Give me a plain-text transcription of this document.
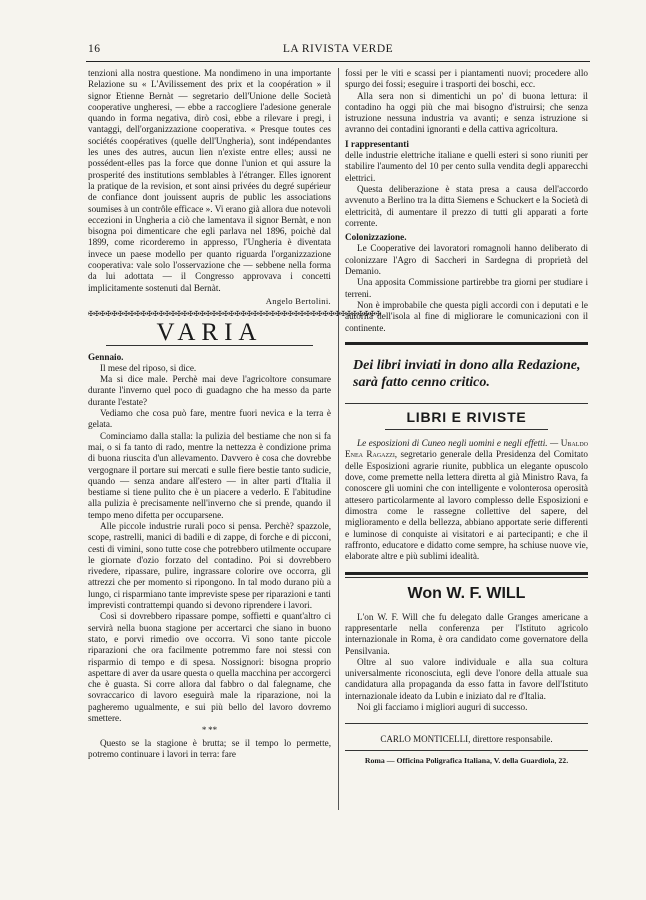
16	LA RIVISTA VERDE

tenzioni alla nostra questione. Ma nondimeno in una importante Relazione su « L'Avilissement des prix et la coopération » il signor Etienne Bernàt — segretario dell'Unione delle Società cooperative ungheresi, — ebbe a raccogliere l'adesione generale quando in forma negativa, dirò così, ebbe a rilevare i pregi, i vantaggi, dell'organizzazione cooperativa. « Presque toutes ces sociétés coopératives (quelle dell'Ungheria), sont indépendantes les unes des autres, aucun lien n'existe entre elles; aussi ne possédent-elles pas la force que donne l'union et qui assure la prosperité des institutions semblables à l'étranger. Elles ignorent la pratique de la revision, et sont ainsi privées du degré supérieur de confiance dont jouissent aupris de public les associations soumises à un contrôle efficace ». Vi erano già allora due notevoli eccezioni in Ungheria a ciò che lamentava il signor Bernàt, e non bisogna poi dimenticare che egli parlava nel 1896, poichè dal 1899, come ricorderemo in appresso, l'Ungheria è diventata invece un paese modello per quanto riguarda l'organizzazione cooperativa: vale solo l'osservazione che — sebbene nella forma da lui adottata — il Congresso approvava i concetti implicitamente sostenuti dal Bernàt.

Angelo Bertolini.

✠✠✠✠✠✠✠✠✠✠✠✠✠✠✠✠✠✠✠✠✠✠✠✠✠✠✠✠✠✠✠✠✠✠✠✠✠✠✠✠✠✠✠✠✠✠✠✠✠✠

VARIA

Gennaio.

Il mese del riposo, si dice.

Ma si dice male. Perchè mai deve l'agricoltore consumare durante l'inverno quel poco di guadagno che ha messo da parte durante l'estate?

Vediamo che cosa può fare, mentre fuori nevica e la terra è gelata.

Cominciamo dalla stalla: la pulizia del bestiame che non si fa mai, o si fa tanto di rado, mentre la nettezza è condizione prima di buona riuscita d'un allevamento. Davvero è cosa che dovrebbe vergognare il portare sui mercati e sulle fiere bestie tanto sudicie, quando — senza andare all'estero — in alter parti d'Italia il bestiame si tiene pulito che è un piacere a vederlo. E l'abitudine alla pulizia è precisamente nell'inverno che si prende, quando il tempo meno difetta per occuparsene.

Alle piccole industrie rurali poco si pensa. Perchè? spazzole, scope, rastrelli, manici di badili e di zappe, di forche e di picconi, cesti di vimini, sono tutte cose che potrebbero utilmente occupare le giornate d'ozio forzato del contadino. Poi si dovrebbero rivedere, ripassare, pulire, ingrassare colorire ove occorra, gli attrezzi che per momento si ripongono. In tal modo durano più a lungo, ci risparmiano tante impreviste spese per riparazioni e tanti imprevisti contrattempi quando si devono riprendere i lavori.

Così si dovrebbero ripassare pompe, soffietti e quant'altro ci servirà nella buona stagione per accertarci che siano in buono stato, e porvi rimedio ove occorra. Vi sono tante piccole riparazioni che ora facilmente potremmo fare noi stessi con risparmio di tempo e di spesa. Nossignori: bisogna proprio aspettare di aver da usare questa o quella macchina per accorgerci che è guasta. Si corre allora dal fabbro o dal falegname, che sovraccarico di lavoro eseguirà male la riparazione, noi la pagheremo ugualmente, e sui più bello del lavoro dovremo smettere.

* **

Questo se la stagione è brutta; se il tempo lo permette, potremo continuare i lavori in terra: fare

fossi per le viti e scassi per i piantamenti nuovi; procedere allo spurgo dei fossi; eseguire i trasporti dei boschi, ecc.

Alla sera non si dimentichi un po' di buona lettura: il contadino ha oggi più che mai bisogno d'istruirsi; che senza istruzione nessuna industria va avanti; e senza istruzione si avranno dei contadini ignoranti e della cattiva agricoltura.

I rappresentanti

delle industrie elettriche italiane e quelli esteri si sono riuniti per stabilire l'aumento del 10 per cento sulla vendita degli apparecchi elettrici.

Questa deliberazione è stata presa a causa dell'accordo avvenuto a Berlino tra la ditta Siemens e Schuckert e la Società di elettricità, di aumentare il prezzo di tutti gli apparati a forte corrente.

Colonizzazione.

Le Cooperative dei lavoratori romagnoli hanno deliberato di colonizzare l'Agro di Saccheri in Sardegna di proprietà del Demanio.

Una apposita Commissione partirebbe tra giorni per studiare i terreni.

Non è improbabile che questa pigli accordi con i deputati e le autorità dell'isola al fine di migliorare le comunicazioni con il continente.

Dei libri inviati in dono alla Redazione, sarà fatto cenno critico.

LIBRI E RIVISTE

Le esposizioni di Cuneo negli uomini e negli effetti. — Ubaldo Enea Ragazzi, segretario generale della Presidenza del Comitato delle Esposizioni agrarie riunite, pubblica un elegante opuscolo dove, come premette nella lettera diretta al già Ministro Rava, fa conoscere gli uomini che con intelligente e volonterosa operosità attesero particolarmente al lavoro complesso delle Esposizioni e dimostra come le rassegne collettive del sapere, del miglioramento e della bellezza, abbiano apportate serie differenti e luminose di conquiste ai visitatori e ai partecipanti; e che il raffronto, educatore e didatto come sempre, ha schiuse nuove vie, elaborate altre e più sublimi idealità.

Won W. F. WILL

L'on W. F. Will che fu delegato dalle Granges americane a rappresentarle nella conferenza per l'Istituto agricolo internazionale in Roma, è ora candidato come governatore della Pensilvania.

Oltre al suo valore individuale e alla sua coltura universalmente riconosciuta, egli deve l'onore della attuale sua candidatura alla propaganda da esso fatta in favore dell'Istituto internazionale ideato da Lubin e iniziato dal re d'Italia.

Noi gli facciamo i migliori auguri di successo.

CARLO MONTICELLI, direttore responsabile.

Roma — Officina Poligrafica Italiana, V. della Guardiola, 22.
